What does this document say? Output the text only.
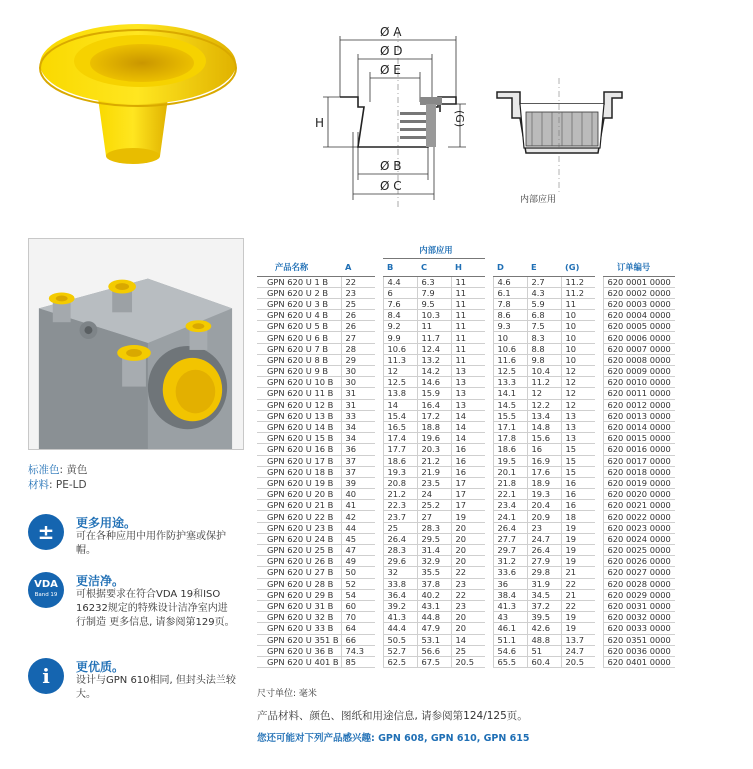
Ø A
Ø D
Ø E
Ø B
Ø C
H	(G)
内部应用
标准色: 黄色
材料: PE-LD
±	更多用途。
可在各种应用中用作防护塞或保护帽。
VDA
Band 19
更洁净。
可根据要求在符合VDA 19和ISO 16232规定的特殊设计洁净室内进行制造 更多信息, 请参阅第129页。
i	更优质。
设计与GPN 610相同, 但封头法兰较大。
			内部应用								
产品名称	A		B	C	H		D	E	(G)		订单编号
GPN 620 U 1 B	22		4.4	6.3	11		4.6	2.7	11.2		620 0001 0000
GPN 620 U 2 B	23		6	7.9	11		6.1	4.3	11.2		620 0002 0000
GPN 620 U 3 B	25		7.6	9.5	11		7.8	5.9	11		620 0003 0000
GPN 620 U 4 B	26		8.4	10.3	11		8.6	6.8	10		620 0004 0000
GPN 620 U 5 B	26		9.2	11	11		9.3	7.5	10		620 0005 0000
GPN 620 U 6 B	27		9.9	11.7	11		10	8.3	10		620 0006 0000
GPN 620 U 7 B	28		10.6	12.4	11		10.6	8.8	10		620 0007 0000
GPN 620 U 8 B	29		11.3	13.2	11		11.6	9.8	10		620 0008 0000
GPN 620 U 9 B	30		12	14.2	13		12.5	10.4	12		620 0009 0000
GPN 620 U 10 B	30		12.5	14.6	13		13.3	11.2	12		620 0010 0000
GPN 620 U 11 B	31		13.8	15.9	13		14.1	12	12		620 0011 0000
GPN 620 U 12 B	31		14	16.4	13		14.5	12.2	12		620 0012 0000
GPN 620 U 13 B	33		15.4	17.2	14		15.5	13.4	13		620 0013 0000
GPN 620 U 14 B	34		16.5	18.8	14		17.1	14.8	13		620 0014 0000
GPN 620 U 15 B	34		17.4	19.6	14		17.8	15.6	13		620 0015 0000
GPN 620 U 16 B	36		17.7	20.3	16		18.6	16	15		620 0016 0000
GPN 620 U 17 B	37		18.6	21.2	16		19.5	16.9	15		620 0017 0000
GPN 620 U 18 B	37		19.3	21.9	16		20.1	17.6	15		620 0018 0000
GPN 620 U 19 B	39		20.8	23.5	17		21.8	18.9	16		620 0019 0000
GPN 620 U 20 B	40		21.2	24	17		22.1	19.3	16		620 0020 0000
GPN 620 U 21 B	41		22.3	25.2	17		23.4	20.4	16		620 0021 0000
GPN 620 U 22 B	42		23.7	27	19		24.1	20.9	18		620 0022 0000
GPN 620 U 23 B	44		25	28.3	20		26.4	23	19		620 0023 0000
GPN 620 U 24 B	45		26.4	29.5	20		27.7	24.7	19		620 0024 0000
GPN 620 U 25 B	47		28.3	31.4	20		29.7	26.4	19		620 0025 0000
GPN 620 U 26 B	49		29.6	32.9	20		31.2	27.9	19		620 0026 0000
GPN 620 U 27 B	50		32	35.5	22		33.6	29.8	21		620 0027 0000
GPN 620 U 28 B	52		33.8	37.8	23		36	31.9	22		620 0028 0000
GPN 620 U 29 B	54		36.4	40.2	22		38.4	34.5	21		620 0029 0000
GPN 620 U 31 B	60		39.2	43.1	23		41.3	37.2	22		620 0031 0000
GPN 620 U 32 B	70		41.3	44.8	20		43	39.5	19		620 0032 0000
GPN 620 U 33 B	64		44.4	47.9	20		46.1	42.6	19		620 0033 0000
GPN 620 U 351 B	66		50.5	53.1	14		51.1	48.8	13.7		620 0351 0000
GPN 620 U 36 B	74.3		52.7	56.6	25		54.6	51	24.7		620 0036 0000
GPN 620 U 401 B	85		62.5	67.5	20.5		65.5	60.4	20.5		620 0401 0000
尺寸单位: 毫米
产品材料、颜色、图纸和用途信息, 请参阅第124/125页。
您还可能对下列产品感兴趣: GPN 608, GPN 610, GPN 615
